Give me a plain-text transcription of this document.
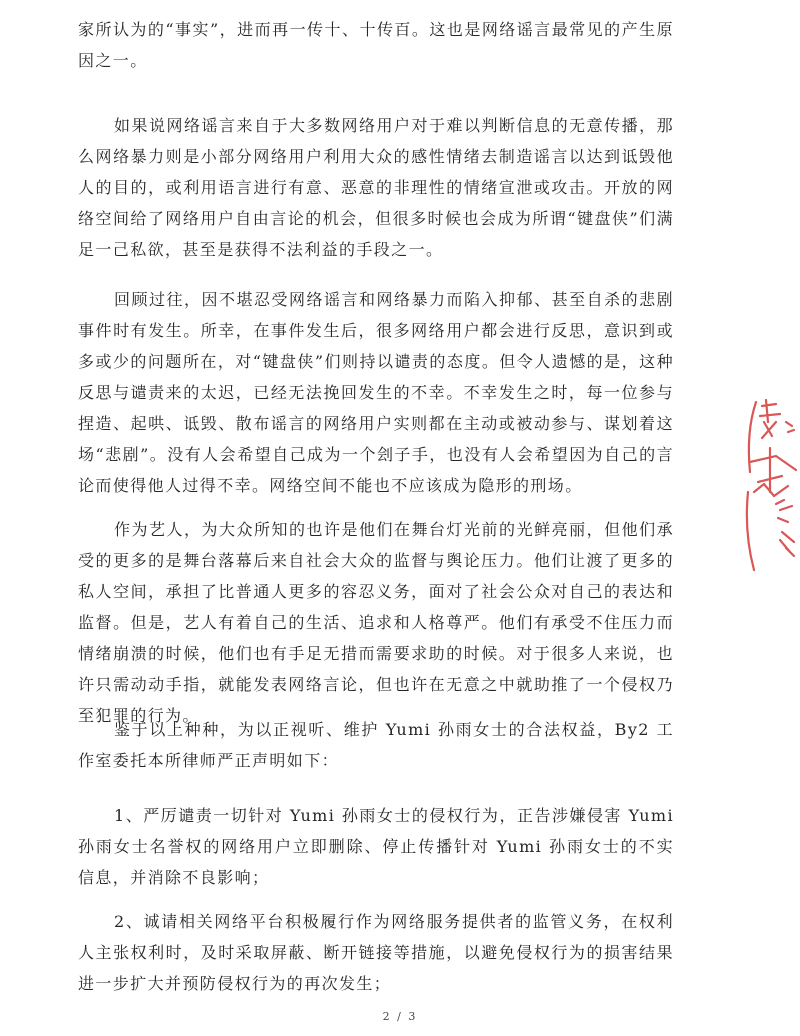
家所认为的“事实”，进而再一传十、十传百。这也是网络谣言最常见的产生原因之一。

如果说网络谣言来自于大多数网络用户对于难以判断信息的无意传播，那么网络暴力则是小部分网络用户利用大众的感性情绪去制造谣言以达到诋毁他人的目的，或利用语言进行有意、恶意的非理性的情绪宣泄或攻击。开放的网络空间给了网络用户自由言论的机会，但很多时候也会成为所谓“键盘侠”们满足一己私欲，甚至是获得不法利益的手段之一。

回顾过往，因不堪忍受网络谣言和网络暴力而陷入抑郁、甚至自杀的悲剧事件时有发生。所幸，在事件发生后，很多网络用户都会进行反思，意识到或多或少的问题所在，对“键盘侠”们则持以谴责的态度。但令人遗憾的是，这种反思与谴责来的太迟，已经无法挽回发生的不幸。不幸发生之时，每一位参与捏造、起哄、诋毁、散布谣言的网络用户实则都在主动或被动参与、谋划着这场“悲剧”。没有人会希望自己成为一个刽子手，也没有人会希望因为自己的言论而使得他人过得不幸。网络空间不能也不应该成为隐形的刑场。

作为艺人，为大众所知的也许是他们在舞台灯光前的光鲜亮丽，但他们承受的更多的是舞台落幕后来自社会大众的监督与舆论压力。他们让渡了更多的私人空间，承担了比普通人更多的容忍义务，面对了社会公众对自己的表达和监督。但是，艺人有着自己的生活、追求和人格尊严。他们有承受不住压力而情绪崩溃的时候，他们也有手足无措而需要求助的时候。对于很多人来说，也许只需动动手指，就能发表网络言论，但也许在无意之中就助推了一个侵权乃至犯罪的行为。

鉴于以上种种，为以正视听、维护 Yumi 孙雨女士的合法权益，By2 工作室委托本所律师严正声明如下：

1、严厉谴责一切针对 Yumi 孙雨女士的侵权行为，正告涉嫌侵害 Yumi 孙雨女士名誉权的网络用户立即删除、停止传播针对 Yumi 孙雨女士的不实信息，并消除不良影响；

2、诚请相关网络平台积极履行作为网络服务提供者的监管义务，在权利人主张权利时，及时采取屏蔽、断开链接等措施，以避免侵权行为的损害结果进一步扩大并预防侵权行为的再次发生；

2 / 3
